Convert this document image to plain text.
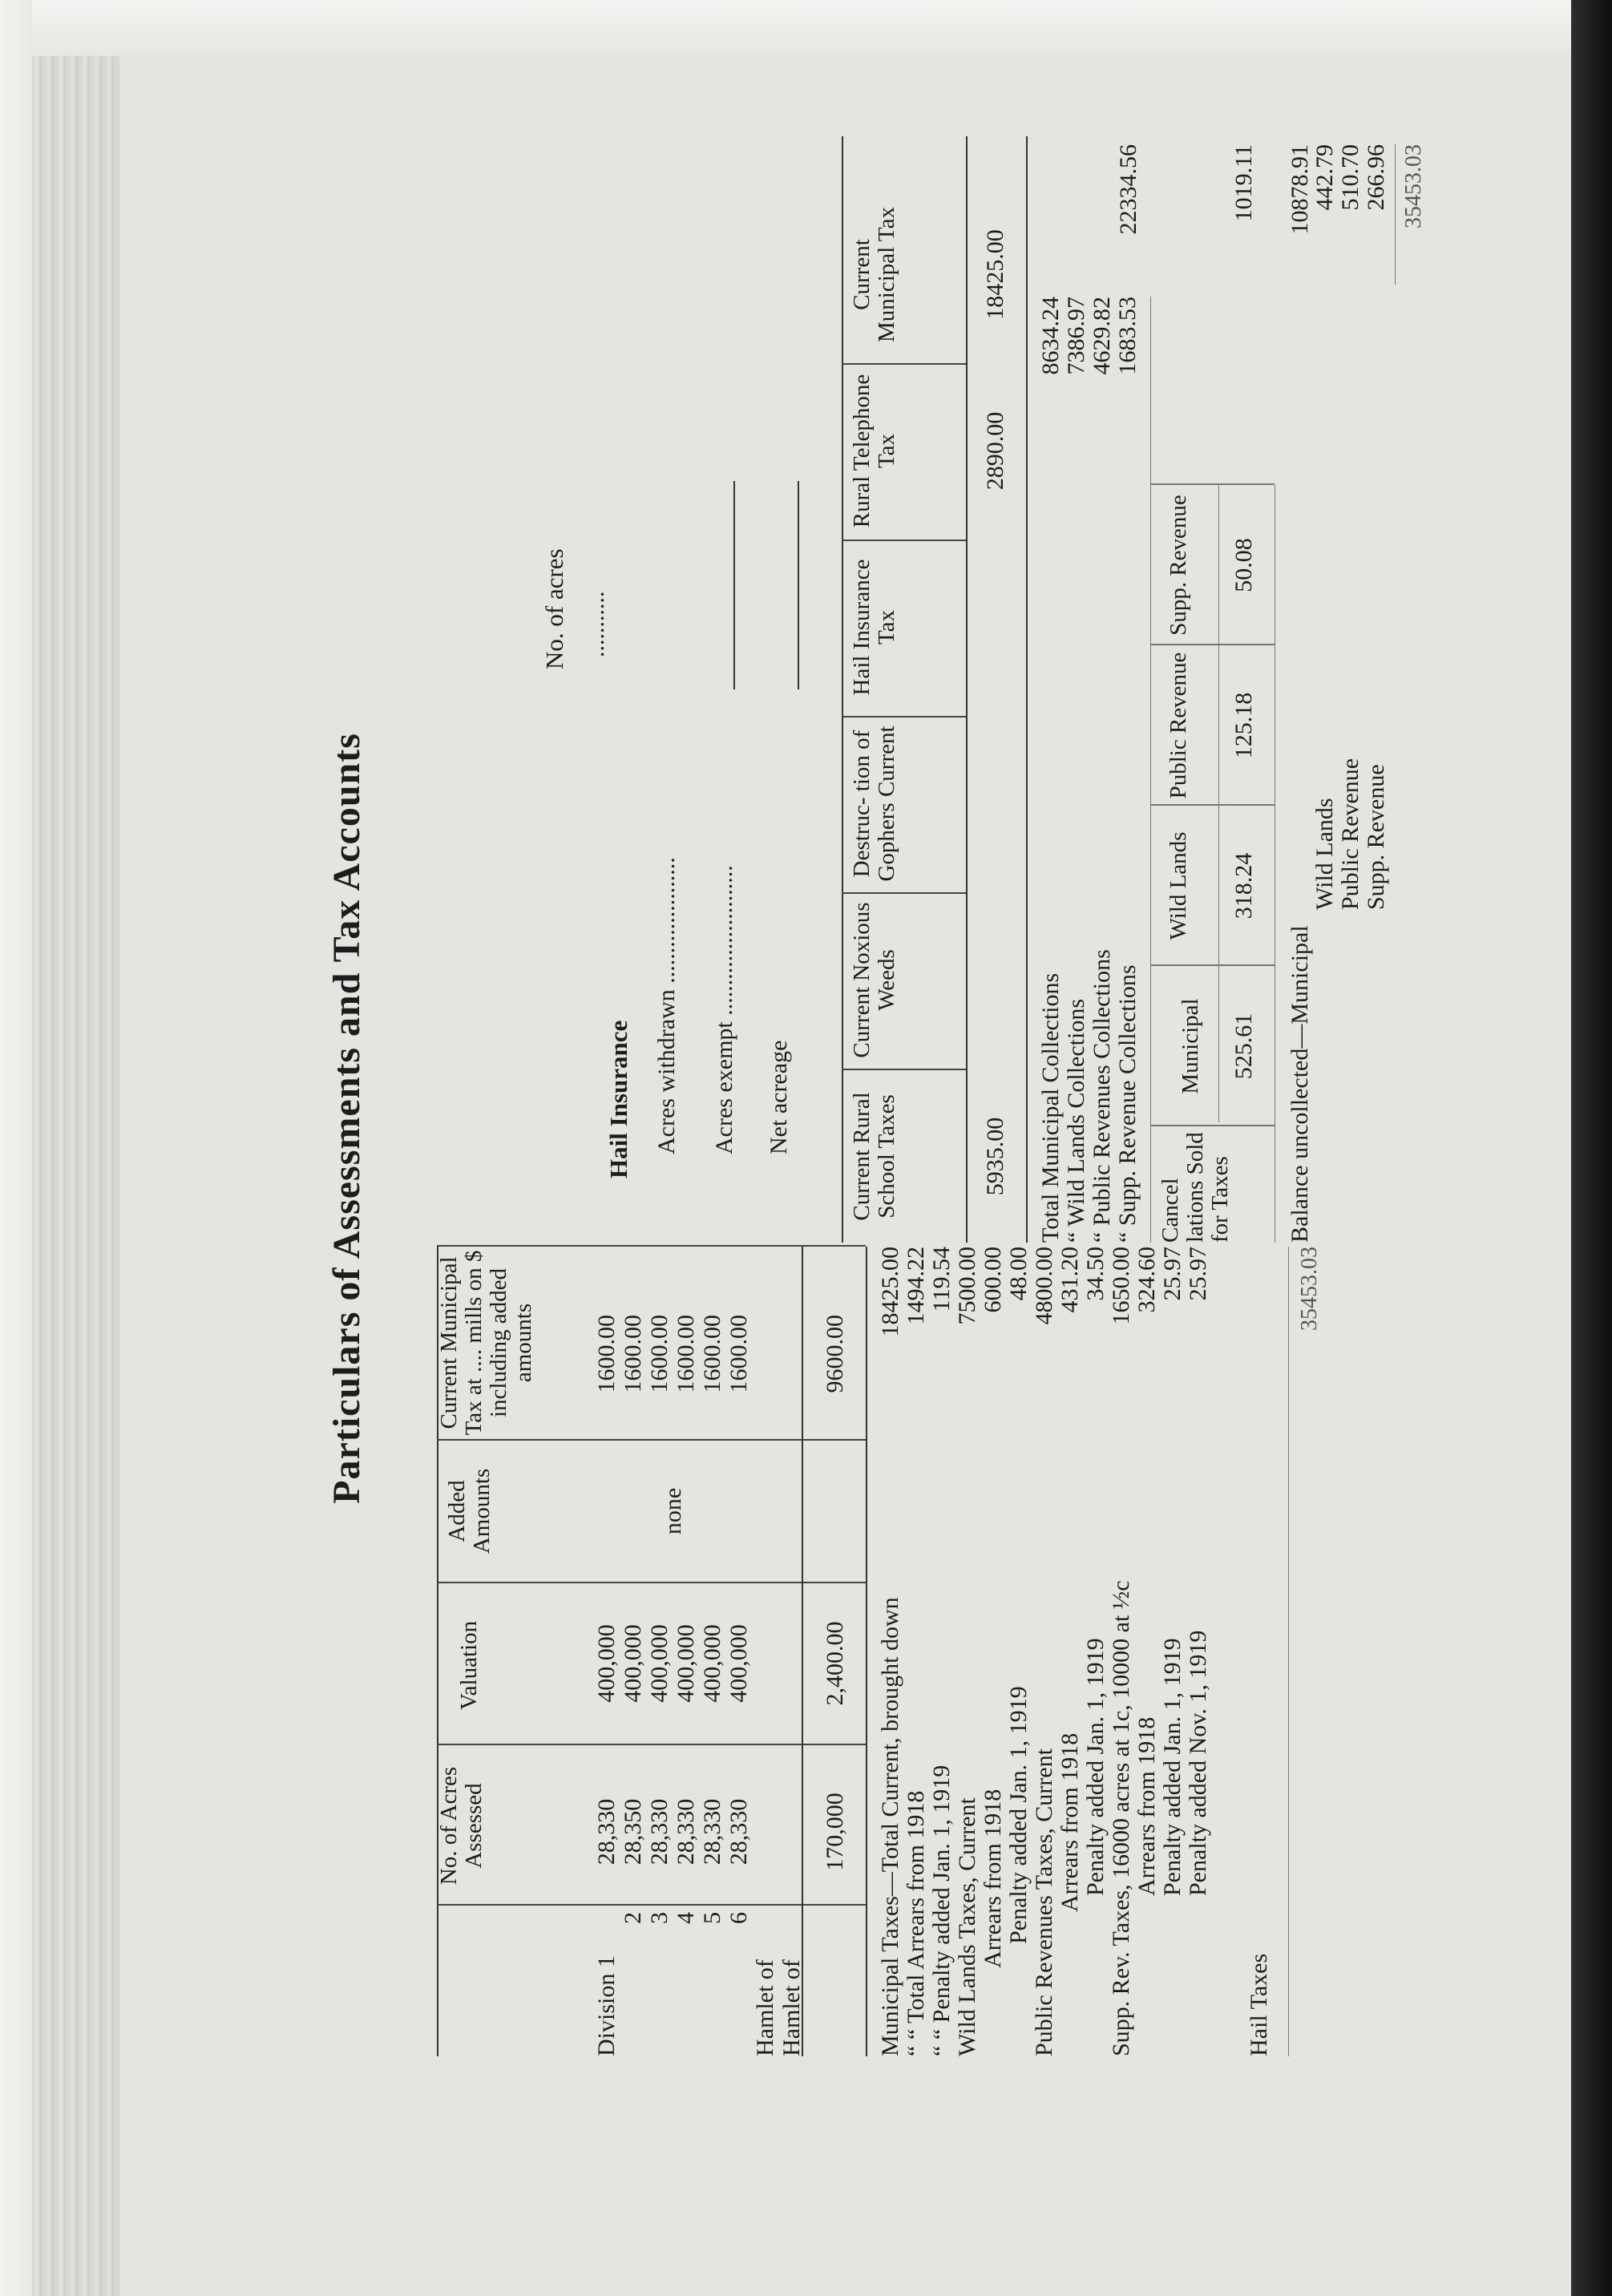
Particulars of Assessments and Tax Accounts
No. of Acres Assessed
Valuation
Added Amounts
Current Municipal Tax at .... mills on $ including added amounts
Division 1
2 3 4 5 6
Hamlet of Hamlet of
28,330 28,350 28,330 28,330 28,330 28,330
400,000 400,000 400,000 400,000 400,000 400,000
none
1600.00 1600.00 1600.00 1600.00 1600.00 1600.00
170,000
2,400.00
9600.00
Municipal Taxes—Total Current, brought down
18425.00
“ “ Total Arrears from 1918
1494.22
“ “ Penalty added Jan. 1, 1919
119.54
Wild Lands Taxes, Current
7500.00
Arrears from 1918
600.00
Penalty added Jan. 1, 1919
48.00
Public Revenues Taxes, Current
4800.00
Arrears from 1918
431.20
Penalty added Jan. 1, 1919
34.50
Supp. Rev. Taxes, 16000 acres at 1c, 10000 at ½c
1650.00
Arrears from 1918
324.60
Penalty added Jan. 1, 1919
25.97
Penalty added Nov. 1, 1919
25.97
Hail Taxes
35453.03
Hail Insurance
No. of acres ...........
Acres withdrawn ..................... Acres exempt ......................... Net acreage Current Rural School Taxes
Current Noxious Weeds
Destruc- tion of Gophers Current
Hail Insurance Tax
Rural Telephone Tax
Current Municipal Tax
5935.00
2890.00
18425.00
Total Municipal Collections
8634.24
“ Wild Lands Collections
7386.97
“ Public Revenues Collections
4629.82
“ Supp. Revenue Collections
1683.53
22334.56
Cancel lations Sold for Taxes
Municipal
Wild Lands
Public Revenue
Supp. Revenue
525.61
318.24
125.18
50.08
1019.11
Balance uncollected—Municipal
10878.91
Wild Lands
442.79
Public Revenue
510.70
Supp. Revenue
266.96 35453.03
